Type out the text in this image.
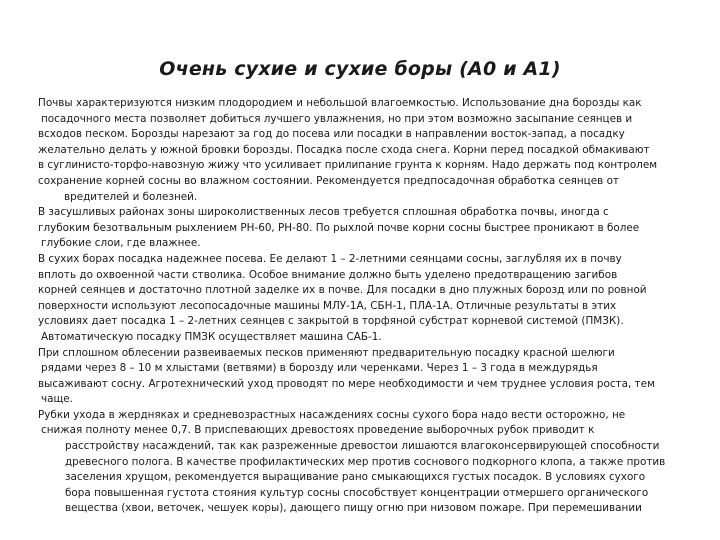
Очень сухие и сухие боры (А0 и А1)
Почвы характеризуются низким плодородием и небольшой влагоемкостью. Использование дна борозды как
посадочного места позволяет добиться лучшего увлажнения, но при этом возможно засыпание сеянцев и
всходов песком. Борозды нарезают за год до посева или посадки в направлении восток-запад, а посадку
желательно делать у южной бровки борозды. Посадка после схода снега. Корни перед посадкой обмакивают
в суглинисто-торфо-навозную жижу что усиливает прилипание грунта к корням. Надо держать под контролем
сохранение корней сосны во влажном состоянии. Рекомендуется предпосадочная обработка сеянцев от
вредителей и болезней.
В засушливых районах зоны широколиственных лесов требуется сплошная обработка почвы, иногда с
глубоким безотвальным рыхлением РН-60, РН-80. По рыхлой почве корни сосны быстрее проникают в более
глубокие слои, где влажнее.
В сухих борах посадка надежнее посева. Ее делают 1 – 2-летними сеянцами сосны, заглубляя их в почву
вплоть до охвоенной части стволика. Особое внимание должно быть уделено предотвращению загибов
корней сеянцев и достаточно плотной заделке их в почве. Для посадки в дно плужных борозд или по ровной
поверхности используют лесопосадочные машины МЛУ-1А, СБН-1, ПЛА-1А. Отличные результаты в этих
условиях дает посадка 1 – 2-летних сеянцев с закрытой в торфяной субстрат корневой системой (ПМЗК).
Автоматическую посадку ПМЗК осуществляет машина САБ-1.
При сплошном облесении развеиваемых песков применяют предварительную посадку красной шелюги
рядами через 8 – 10 м хлыстами (ветвями) в борозду или черенками. Через 1 – 3 года в междурядья
высаживают сосну. Агротехнический уход проводят по мере необходимости и чем труднее условия роста, тем
чаще.
Рубки ухода в жердняках и средневозрастных насаждениях сосны сухого бора надо вести осторожно, не
снижая полноту менее 0,7. В приспевающих древостоях проведение выборочных рубок приводит к
расстройству насаждений, так как разреженные древостои лишаются влагоконсервирующей способности
древесного полога. В качестве профилактических мер против соснового подкорного клопа, а также против
заселения хрущом, рекомендуется выращивание рано смыкающихся густых посадок. В условиях сухого
бора повышенная густота стояния культур сосны способствует концентрации отмершего органического
вещества (хвои, веточек, чешуек коры), дающего пищу огню при низовом пожаре. При перемешивании
